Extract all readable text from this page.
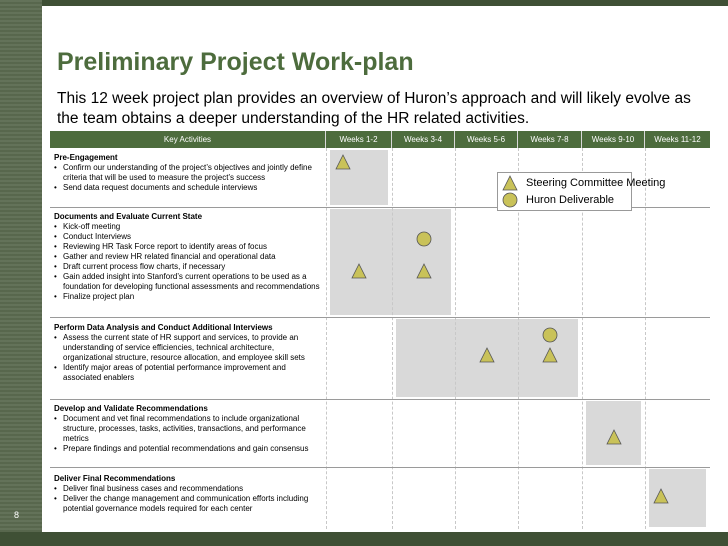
Preliminary Project Work-plan

This 12 week project plan provides an overview of Huron’s approach and will likely evolve as the team obtains a deeper understanding of the HR related activities.

Key Activities	Weeks 1-2	Weeks 3-4	Weeks 5-6	Weeks 7-8	Weeks 9-10	Weeks 11-12
Pre-Engagement
• Confirm our understanding of the project’s objectives and jointly define criteria that will be used to measure the project’s success
• Send data request documents and schedule interviews
Documents and Evaluate Current State
• Kick-off meeting
• Conduct Interviews
• Reviewing HR Task Force report to identify areas of focus
• Gather and review HR related financial and operational data
• Draft current process flow charts, if necessary
• Gain added insight into Stanford’s current operations to be used as a foundation for developing functional assessments and recommendations
• Finalize project plan
Perform Data Analysis and Conduct Additional Interviews
• Assess the current state of HR support and services, to provide an understanding of service efficiencies, technical architecture, organizational structure, resource allocation, and employee skill sets
• Identify major areas of potential performance improvement and associated enablers
Develop and Validate Recommendations
• Document and vet final recommendations to include organizational structure, processes, tasks, activities, transactions, and performance metrics
• Prepare findings and potential recommendations and gain consensus
Deliver Final Recommendations
• Deliver final business cases and recommendations
• Deliver the change management and communication efforts including potential governance models required for each center
Steering Committee Meeting
Huron Deliverable
8
